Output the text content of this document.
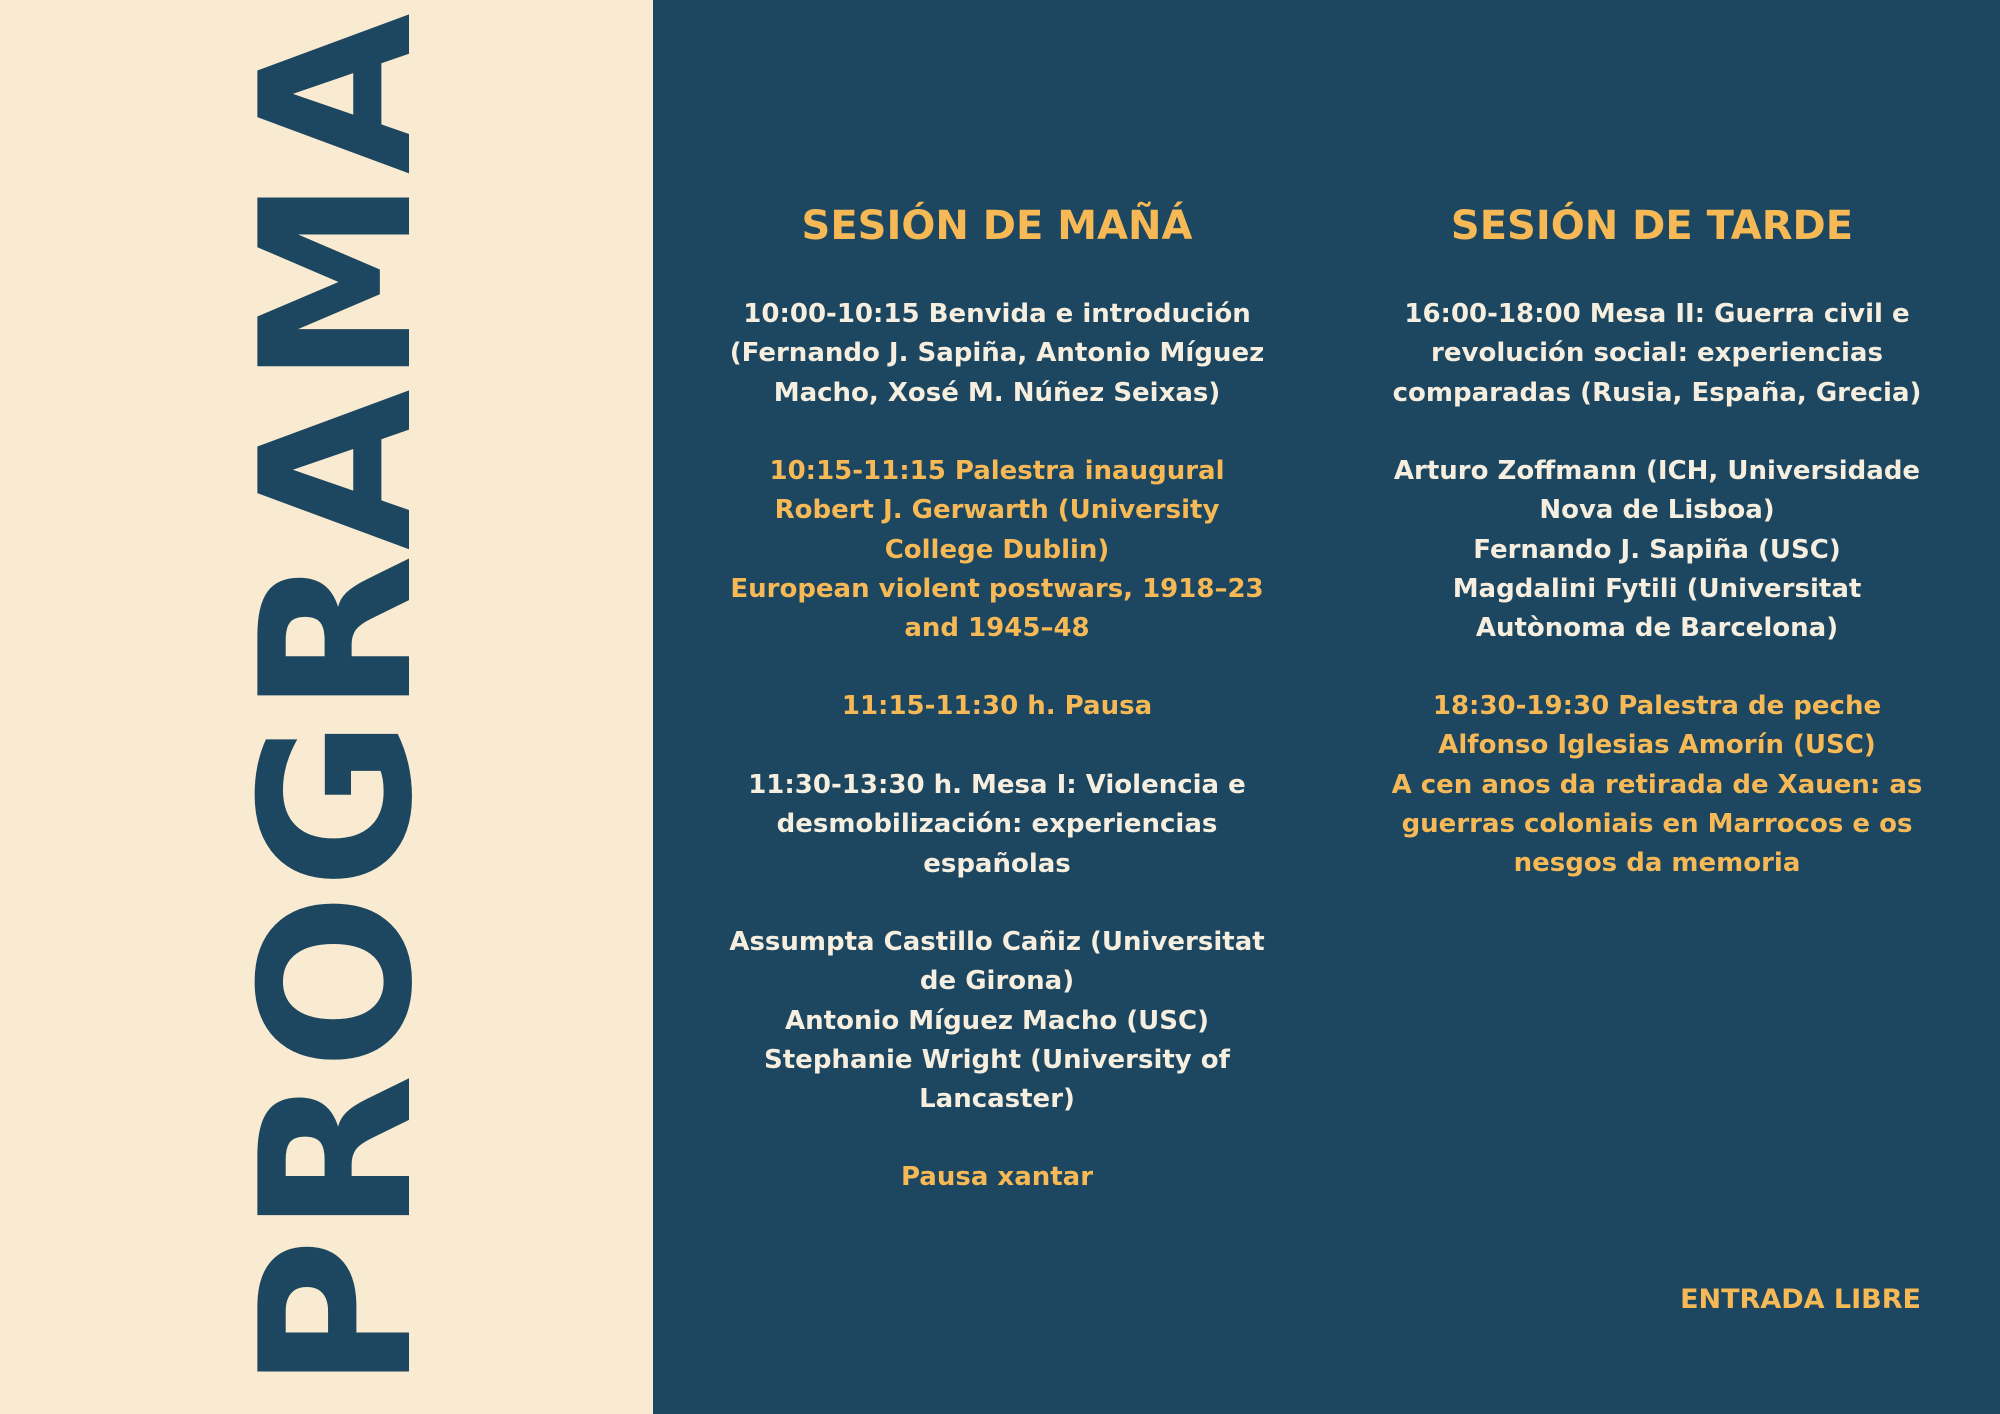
PROGRAMA	SESIÓN DE MAÑÁ

10:00-10:15 Benvida e introdución

(Fernando J. Sapiña, Antonio Míguez

Macho, Xosé M. Núñez Seixas)

10:15-11:15 Palestra inaugural

Robert J. Gerwarth (University

College Dublin)

European violent postwars, 1918–23

and 1945–48

11:15-11:30 h. Pausa

11:30-13:30 h. Mesa I: Violencia e

desmobilización: experiencias

españolas

Assumpta Castillo Cañiz (Universitat

de Girona)

Antonio Míguez Macho (USC)

Stephanie Wright (University of

Lancaster)

Pausa xantar

SESIÓN DE TARDE

16:00-18:00 Mesa II: Guerra civil e

revolución social: experiencias

comparadas (Rusia, España, Grecia)

Arturo Zoffmann (ICH, Universidade

Nova de Lisboa)

Fernando J. Sapiña (USC)

Magdalini Fytili (Universitat

Autònoma de Barcelona)

18:30-19:30 Palestra de peche

Alfonso Iglesias Amorín (USC)

A cen anos da retirada de Xauen: as

guerras coloniais en Marrocos e os

nesgos da memoria

ENTRADA LIBRE
